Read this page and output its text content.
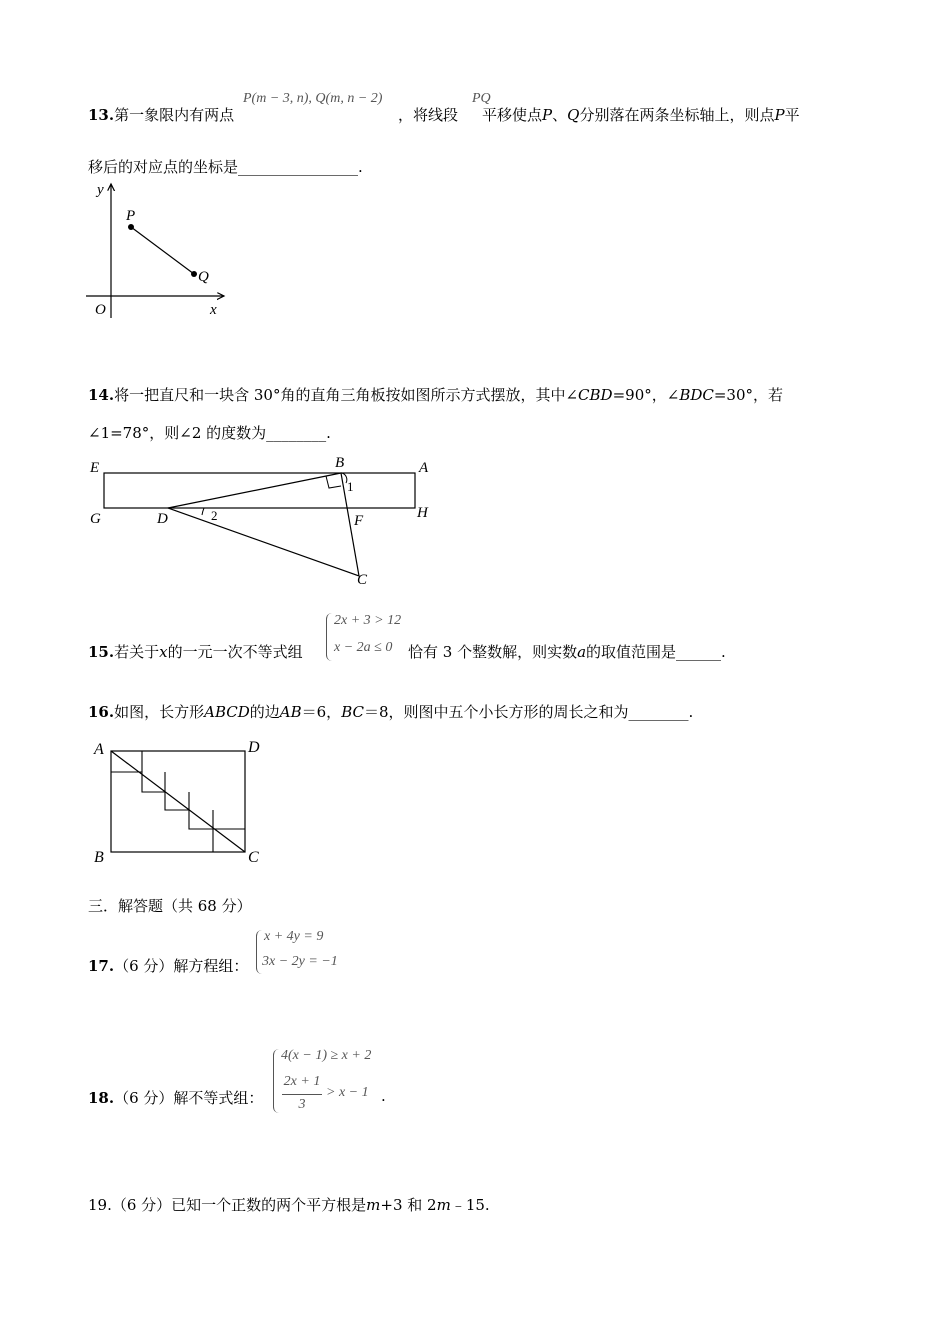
P(m − 3, n), Q(m, n − 2)	PQ
13.第一象限内有两点	，将线段 平移使点P、Q分别落在两条坐标轴上，则点P平
移后的对应点的坐标是________________.
y
x
O
P
Q
14.将一把直尺和一块含 30°角的直角三角板按如图所示方式摆放，其中∠CBD=90°，∠BDC=30°，若
∠1=78°，则∠2 的度数为________.
E	B	A
G	D	H
F
C
1
2
2x + 3 > 12
x − 2a ≤ 0
15.若关于x的一元一次不等式组	恰有 3 个整数解，则实数a的取值范围是______.
16.如图，长方形ABCD的边AB＝6，BC＝8，则图中五个小长方形的周长之和为________.
A	D
B	C
三．解答题（共 68 分）
x + 4y = 9
3x − 2y = −1
17.（6 分）解方程组：
4(x − 1) ≥ x + 2
2x + 1
3
> x − 1
18.（6 分）解不等式组：	.
19.（6 分）已知一个正数的两个平方根是m+3 和 2m﹣15.
